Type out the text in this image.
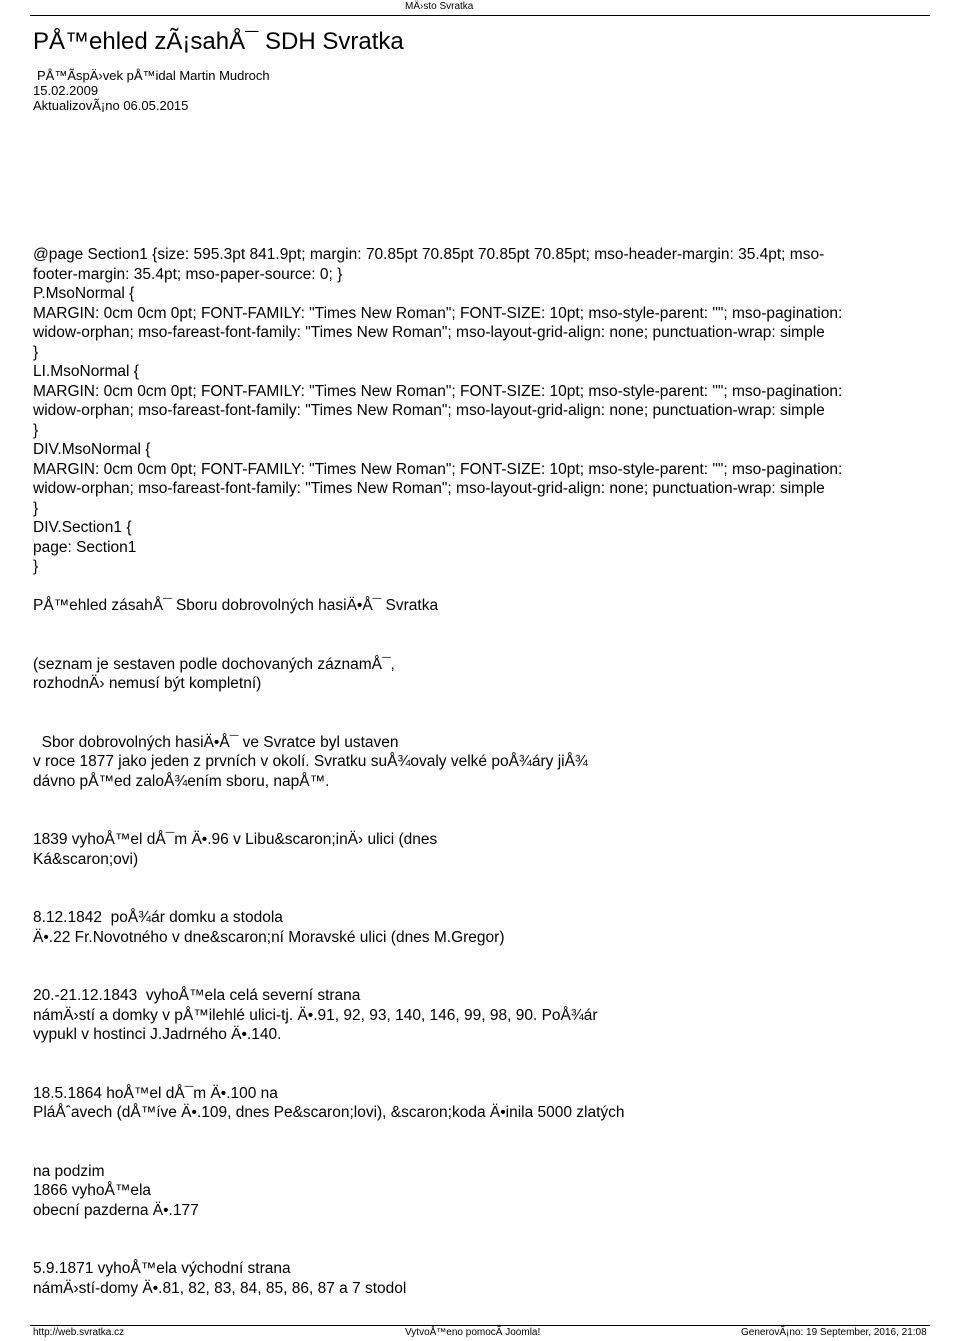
MÄ›sto Svratka
PÅ™ehled zÃ¡sahÅ¯ SDH Svratka
PÅ™ÃspÄ›vek pÅ™idal Martin Mudroch
15.02.2009
AktualizovÃ¡no 06.05.2015
@page Section1 {size: 595.3pt 841.9pt; margin: 70.85pt 70.85pt 70.85pt 70.85pt; mso-header-margin: 35.4pt; mso-
footer-margin: 35.4pt; mso-paper-source: 0; }
P.MsoNormal {
MARGIN: 0cm 0cm 0pt; FONT-FAMILY: "Times New Roman"; FONT-SIZE: 10pt; mso-style-parent: ""; mso-pagination:
widow-orphan; mso-fareast-font-family: "Times New Roman"; mso-layout-grid-align: none; punctuation-wrap: simple
}
LI.MsoNormal {
MARGIN: 0cm 0cm 0pt; FONT-FAMILY: "Times New Roman"; FONT-SIZE: 10pt; mso-style-parent: ""; mso-pagination:
widow-orphan; mso-fareast-font-family: "Times New Roman"; mso-layout-grid-align: none; punctuation-wrap: simple
}
DIV.MsoNormal {
MARGIN: 0cm 0cm 0pt; FONT-FAMILY: "Times New Roman"; FONT-SIZE: 10pt; mso-style-parent: ""; mso-pagination:
widow-orphan; mso-fareast-font-family: "Times New Roman"; mso-layout-grid-align: none; punctuation-wrap: simple
}
DIV.Section1 {
page: Section1
}
PÅ™ehled zásahÅ¯ Sboru dobrovolných hasiÄ•Å¯ Svratka
(seznam je sestaven podle dochovaných záznamÅ¯,
rozhodnÄ› nemusí být kompletní)
Sbor dobrovolných hasiÄ•Å¯ ve Svratce byl ustaven
v roce 1877 jako jeden z prvních v okolí. Svratku suÅ¾ovaly velké poÅ¾áry jiÅ¾
dávno pÅ™ed zaloÅ¾ením sboru, napÅ™.
1839 vyhoÅ™el dÅ¯m Ä•.96 v Libu&scaron;inÄ› ulici (dnes
Ká&scaron;ovi)
8.12.1842  poÅ¾ár domku a stodola
Ä•.22 Fr.Novotného v dne&scaron;ní Moravské ulici (dnes M.Gregor)
20.-21.12.1843  vyhoÅ™ela celá severní strana
námÄ›stí a domky v pÅ™ilehlé ulici-tj. Ä•.91, 92, 93, 140, 146, 99, 98, 90. PoÅ¾ár
vypukl v hostinci J.Jadrného Ä•.140.
18.5.1864 hoÅ™el dÅ¯m Ä•.100 na
PláÅˆavech (dÅ™íve Ä•.109, dnes Pe&scaron;lovi), &scaron;koda Ä•inila 5000 zlatých
na podzim
1866 vyhoÅ™ela
obecní pazderna Ä•.177
5.9.1871 vyhoÅ™ela východní strana
námÄ›stí-domy Ä•.81, 82, 83, 84, 85, 86, 87 a 7 stodol
http://web.svratka.cz	VytvoÅ™eno pomocÃ Joomla!	GenerovÃ¡no: 19 September, 2016, 21:08
